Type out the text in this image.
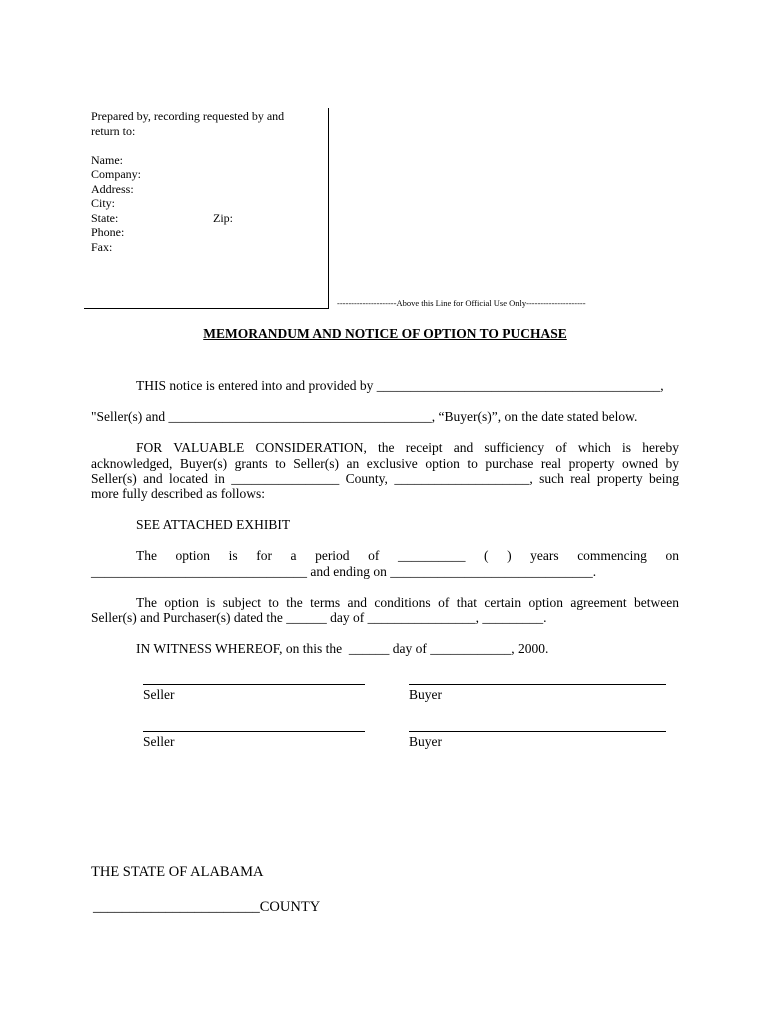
Prepared by, recording requested by and
return to:
Name:
Company:
Address:
City:
State:	Zip:
Phone:
Fax:
---------------------Above this Line for Official Use Only---------------------
MEMORANDUM AND NOTICE OF OPTION TO PUCHASE
THIS notice is entered into and provided by __________________________________________,
"Seller(s) and _______________________________________, “Buyer(s)”, on the date stated below.
FOR VALUABLE CONSIDERATION, the receipt and sufficiency of which is hereby
acknowledged, Buyer(s) grants to Seller(s) an exclusive option to purchase real property owned by
Seller(s) and located in ________________ County, ____________________, such real property being
more fully described as follows:
SEE ATTACHED EXHIBIT
The option is for a period of __________ ( ) years commencing on
________________________________ and ending on ______________________________.
The option is subject to the terms and conditions of that certain option agreement between
Seller(s) and Purchaser(s) dated the ______ day of ________________, _________.
IN WITNESS WHEREOF, on this the  ______ day of ____________, 2000.
Seller	Buyer
Seller	Buyer
THE STATE OF ALABAMA
_______________________COUNTY
